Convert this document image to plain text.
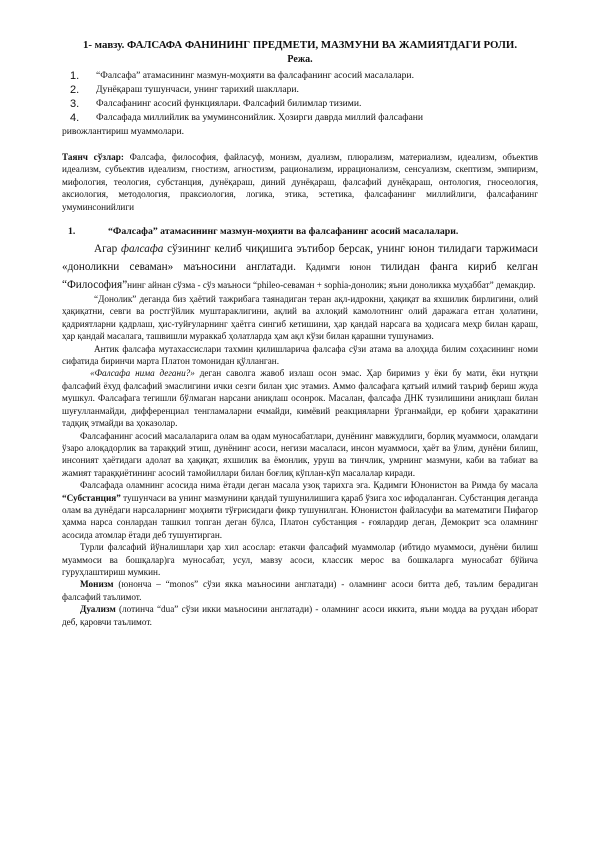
1- мавзу. ФАЛСАФА ФАНИНИНГ ПРЕДМЕТИ, МАЗМУНИ ВА ЖАМИЯТДАГИ РОЛИ.

Режа.

1.	“Фалсафа” атамасининг мазмун-моҳияти ва фалсафанинг асосий масалалари.
2.	Дунёқараш тушунчаси, унинг тарихий шакллари.
3.	Фалсафанинг асосий функциялари. Фалсафий билимлар тизими.
4.	Фалсафада миллийлик ва умуминсонийлик. Ҳозирги даврда миллий фалсафани
ривожлантириш муаммолари.

Таянч сўзлар: Фалсафа, философия, файласуф, монизм, дуализм, плюрализм, материализм, идеализм, объектив идеализм, субъектив идеализм, гностизм, агностизм, рационализм, иррационализм, сенсуализм, скептизм, эмпиризм, мифология, теология, субстанция, дунёқараш, диний дунёқараш, фалсафий дунёқараш, онтология, гносеология, аксиология, методология, праксиология, логика, этика, эстетика, фалсафанинг миллийлиги, фалсафанинг умуминсонийлиги

1.	“Фалсафа” атамасининг мазмун-моҳияти ва фалсафанинг асосий масалалари.

Агар фалсафа сўзининг келиб чиқишига эътибор берсак, унинг юнон тилидаги таржимаси «доноликни севаман» маъносини англатади. Қадимги юнон тилидан фанга кириб келган “Философия”нинг айнан сўзма - сўз маъноси “phileo-севаман + sophia-донолик; яъни донoликка муҳаббат” демакдир.

“Донолик” деганда биз ҳаётий тажрибага таянадиган теран ақл-идрокни, ҳақиқат ва яхшилик бирлигини, олий ҳақиқатни, севги ва ростгўйлик муштараклигини, ақлий ва ахлоқий камолотнинг олий даражага етган ҳолатини, қадриятларни қадрлаш, ҳис-туйғуларнинг ҳаётга сингиб кетишини, ҳар қандай нарсага ва ҳодисага меҳр билан қараш, ҳар қандай масалага, ташвишли мураккаб ҳолатларда ҳам ақл кўзи билан қарашни тушунамиз.

Антик фалсафа мутахассислари тахмин қилишларича фалсафа сўзи атама ва алоҳида билим соҳасининг номи сифатида биринчи марта Платон томонидан қўлланган.

«Фалсафа нима дегани?» деган саволга жавоб излаш осон эмас. Ҳар биримиз у ёки бу мати, ёки нутқни фалсафий ёхуд фалсафий эмаслигини ички сезги билан ҳис этамиз. Аммо фалсафага қатъий илмий таъриф бериш жуда мушкул. Фалсафага тегишли бўлмаган нарсани аниқлаш осонрок. Масалан, фалсафа ДНК тузилишини аниқлаш билан шуғулланмайди, дифференциал тенгламаларни ечмайди, кимёвий реакцияларни ўрганмайди, ер қобиғи ҳаракатини тадқиқ этмайди ва ҳоказолар.

Фалсафанинг асосий масалаларига олам ва одам муносабатлари, дунёнинг мавжудлиги, борлиқ муаммоси, оламдаги ўзаро алоқадорлик ва тараққий этиш, дунёнинг асоси, негизи масаласи, инсон муаммоси, ҳаёт ва ўлим, дунёни билиш, инсоният ҳаётидаги адолат ва ҳақиқат, яхшилик ва ёмонлик, уруш ва тинчлик, умрнинг мазмуни, каби ва табиат ва жамият тараққиётининг асосий тамойиллари билан боғлиқ кўплан-кўп масалалар киради.

Фалсафада оламнинг асосида нима ётади деган масала узоқ тарихга эга. Қадимги Юнонистон ва Римда бу масала “Субстанция” тушунчаси ва унинг мазмунини қандай тушунилишига қараб ўзига хос ифодаланган. Субстанция деганда олам ва дунёдаги нарсаларнинг моҳияти тўғрисидаги фикр тушунилган. Юнонистон файласуфи ва математиги Пифагор ҳамма нарса сонлардан ташкил топган деган бўлса, Платон субстанция - ғоялардир деган, Демокрит эса оламнинг асосида атомлар ётади деб тушунтирган.

Турли фалсафий йўналишлари ҳар хил асослар: етакчи фалсафий муаммолар (ибтидо муаммоси, дунёни билиш муаммоси ва бошқалар)га муносабат, усул, мавзу асоси, классик мерос ва бошкаларга муносабат бўйича гуруҳлаштириш мумкин.

Монизм (юнонча – “monos” сўзи якка маъносини англатади) - оламнинг асоси битта деб, таълим берадиган фалсафий таълимот.

Дуализм (лотинча “dua” сўзи икки маъносини англатади) - оламнинг асоси иккита, яъни модда ва руҳдан иборат деб, қаровчи таълимот.
